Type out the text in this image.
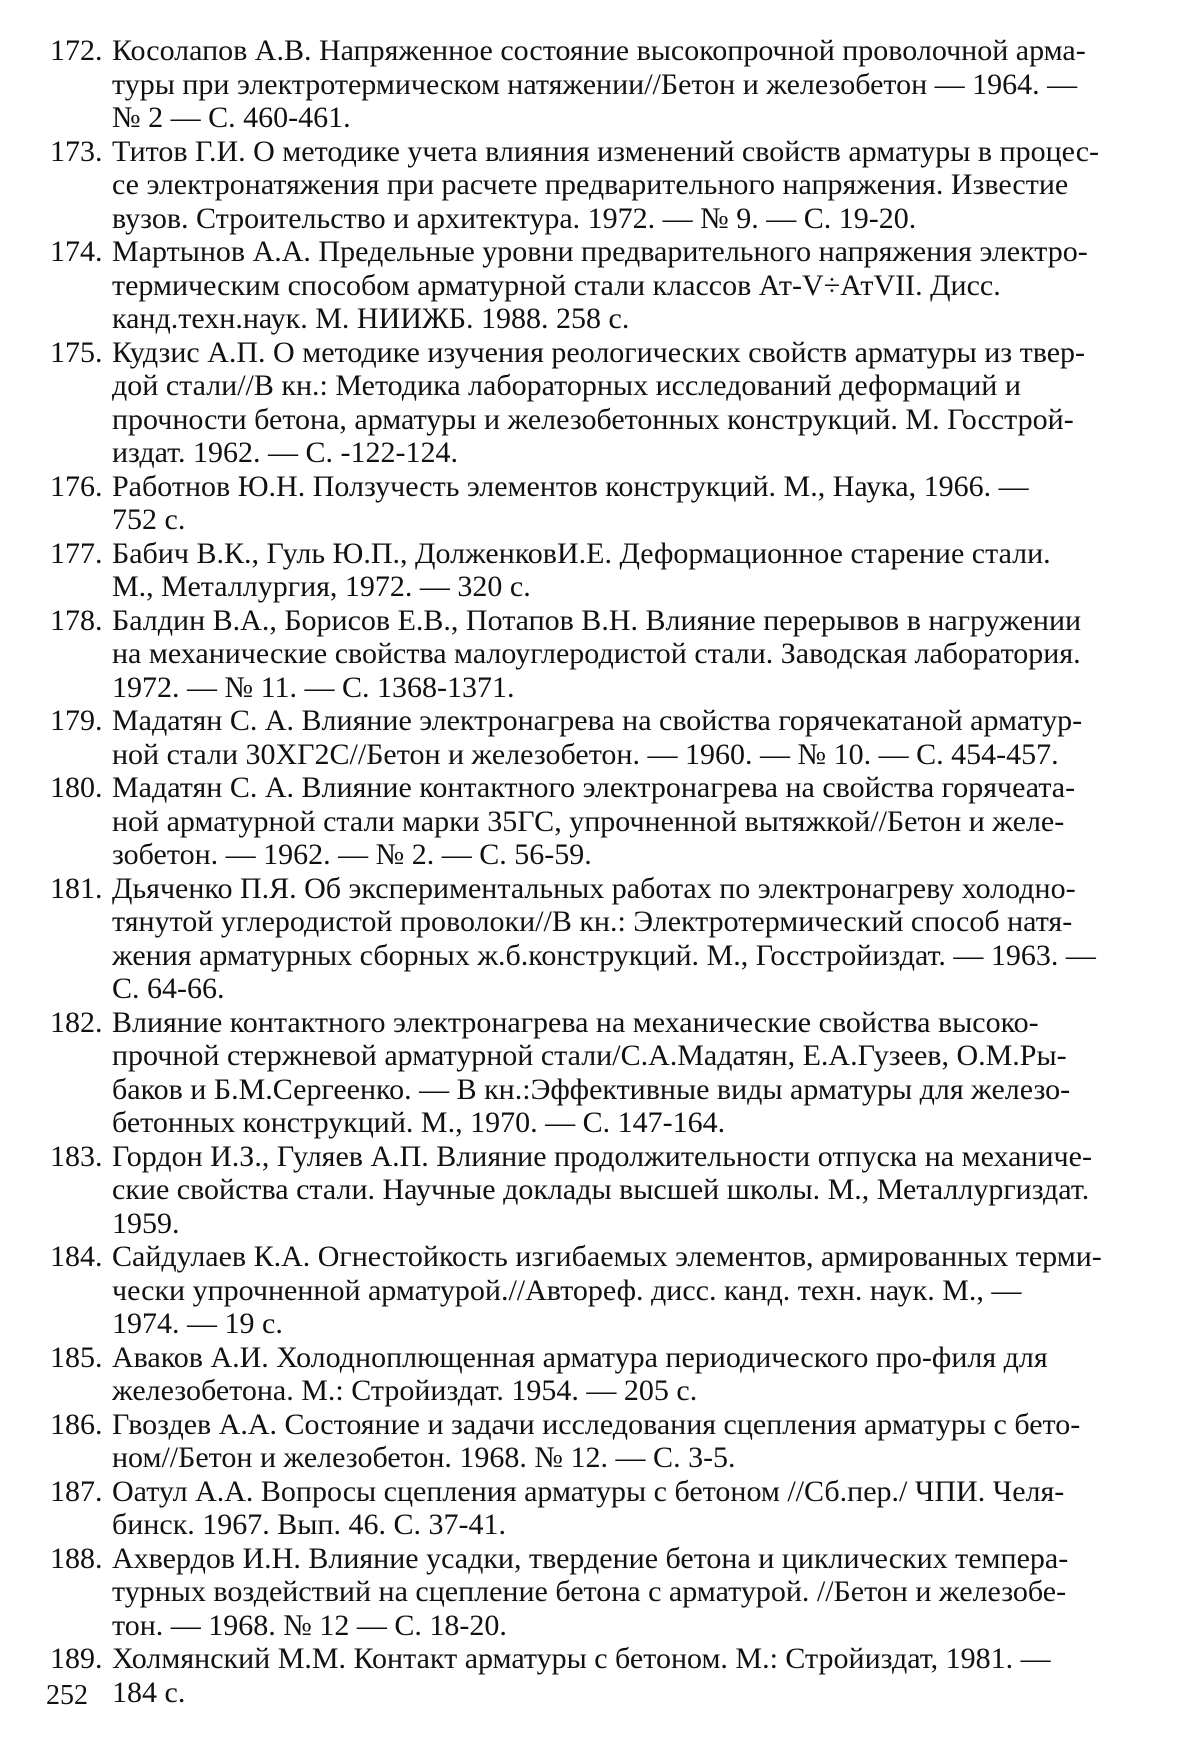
172. Косолапов А.В. Напряженное состояние высокопрочной проволочной арма-
туры при электротермическом натяжении//Бетон и железобетон — 1964. —
№ 2 — С. 460-461.
173. Титов Г.И. О методике учета влияния изменений свойств арматуры в процес-
се электронатяжения при расчете предварительного напряжения. Известие
вузов. Строительство и архитектура. 1972. — № 9. — С. 19-20.
174. Мартынов А.А. Предельные уровни предварительного напряжения электро-
термическим способом арматурной стали классов Ат-V÷АтVII. Дисс.
канд.техн.наук. М. НИИЖБ. 1988. 258 с.
175. Кудзис А.П. О методике изучения реологических свойств арматуры из твер-
дой стали//В кн.: Методика лабораторных исследований деформаций и
прочности бетона, арматуры и железобетонных конструкций. М. Госстрой-
издат. 1962. — С. -122-124.
176. Работнов Ю.Н. Ползучесть элементов конструкций. М., Наука, 1966. —
752 с.
177. Бабич В.К., Гуль Ю.П., ДолженковИ.Е. Деформационное старение стали.
М., Металлургия, 1972. — 320 с.
178. Балдин В.А., Борисов Е.В., Потапов В.Н. Влияние перерывов в нагружении
на механические свойства малоуглеродистой стали. Заводская лаборатория.
1972. — № 11. — С. 1368-1371.
179. Мадатян С. А. Влияние электронагрева на свойства горячекатаной арматур-
ной стали 30ХГ2С//Бетон и железобетон. — 1960. — № 10. — С. 454-457.
180. Мадатян С. А. Влияние контактного электронагрева на свойства горячеата-
ной арматурной стали марки 35ГС, упрочненной вытяжкой//Бетон и желе-
зобетон. — 1962. — № 2. — С. 56-59.
181. Дьяченко П.Я. Об экспериментальных работах по электронагреву холодно-
тянутой углеродистой проволоки//В кн.: Электротермический способ натя-
жения арматурных сборных ж.б.конструкций. М., Госстройиздат. — 1963. —
С. 64-66.
182. Влияние контактного электронагрева на механические свойства высоко-
прочной стержневой арматурной стали/С.А.Мадатян, Е.А.Гузеев, О.М.Ры-
баков и Б.М.Сергеенко. — В кн.:Эффективные виды арматуры для железо-
бетонных конструкций. М., 1970. — С. 147-164.
183. Гордон И.З., Гуляев А.П. Влияние продолжительности отпуска на механиче-
ские свойства стали. Научные доклады высшей школы. М., Металлургиздат.
1959.
184. Сайдулаев К.А. Огнестойкость изгибаемых элементов, армированных терми-
чески упрочненной арматурой.//Автореф. дисс. канд. техн. наук. М., —
1974. — 19 с.
185. Аваков А.И. Холодноплющенная арматура периодического про-филя для
железобетона. М.: Стройиздат. 1954. — 205 с.
186. Гвоздев А.А. Состояние и задачи исследования сцепления арматуры с бето-
ном//Бетон и железобетон. 1968. № 12. — С. 3-5.
187. Оатул А.А. Вопросы сцепления арматуры с бетоном //Сб.пер./ ЧПИ. Челя-
бинск. 1967. Вып. 46. С. 37-41.
188. Ахвердов И.Н. Влияние усадки, твердение бетона и циклических темпера-
турных воздействий на сцепление бетона с арматурой. //Бетон и железобе-
тон. — 1968. № 12 — С. 18-20.
189. Холмянский М.М. Контакт арматуры с бетоном. М.: Стройиздат, 1981. —
184 с.
252
